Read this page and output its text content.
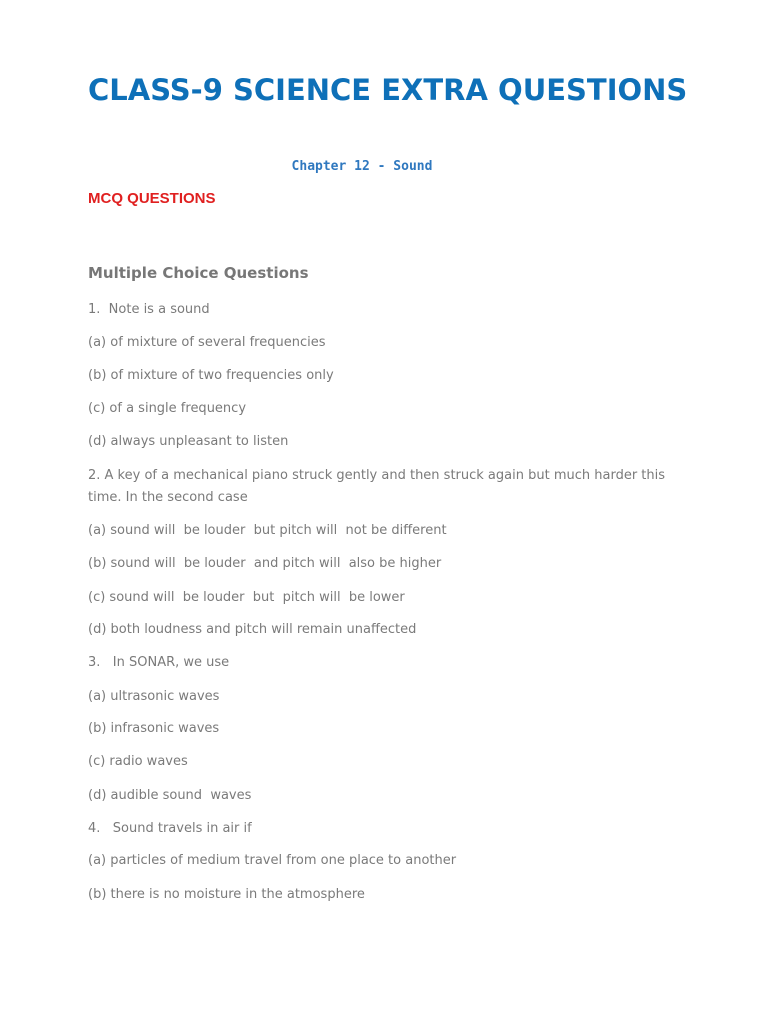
CLASS-9 SCIENCE EXTRA QUESTIONS
Chapter 12 - Sound
MCQ QUESTIONS
Multiple Choice Questions
1.  Note is a sound
(a) of mixture of several frequencies
(b) of mixture of two frequencies only
(c) of a single frequency
(d) always unpleasant to listen
2. A key of a mechanical piano struck gently and then struck again but much harder this
time. In the second case
(a) sound will  be louder  but pitch will  not be different
(b) sound will  be louder  and pitch will  also be higher
(c) sound will  be louder  but  pitch will  be lower
(d) both loudness and pitch will remain unaffected
3.   In SONAR, we use
(a) ultrasonic waves
(b) infrasonic waves
(c) radio waves
(d) audible sound  waves
4.   Sound travels in air if
(a) particles of medium travel from one place to another
(b) there is no moisture in the atmosphere
